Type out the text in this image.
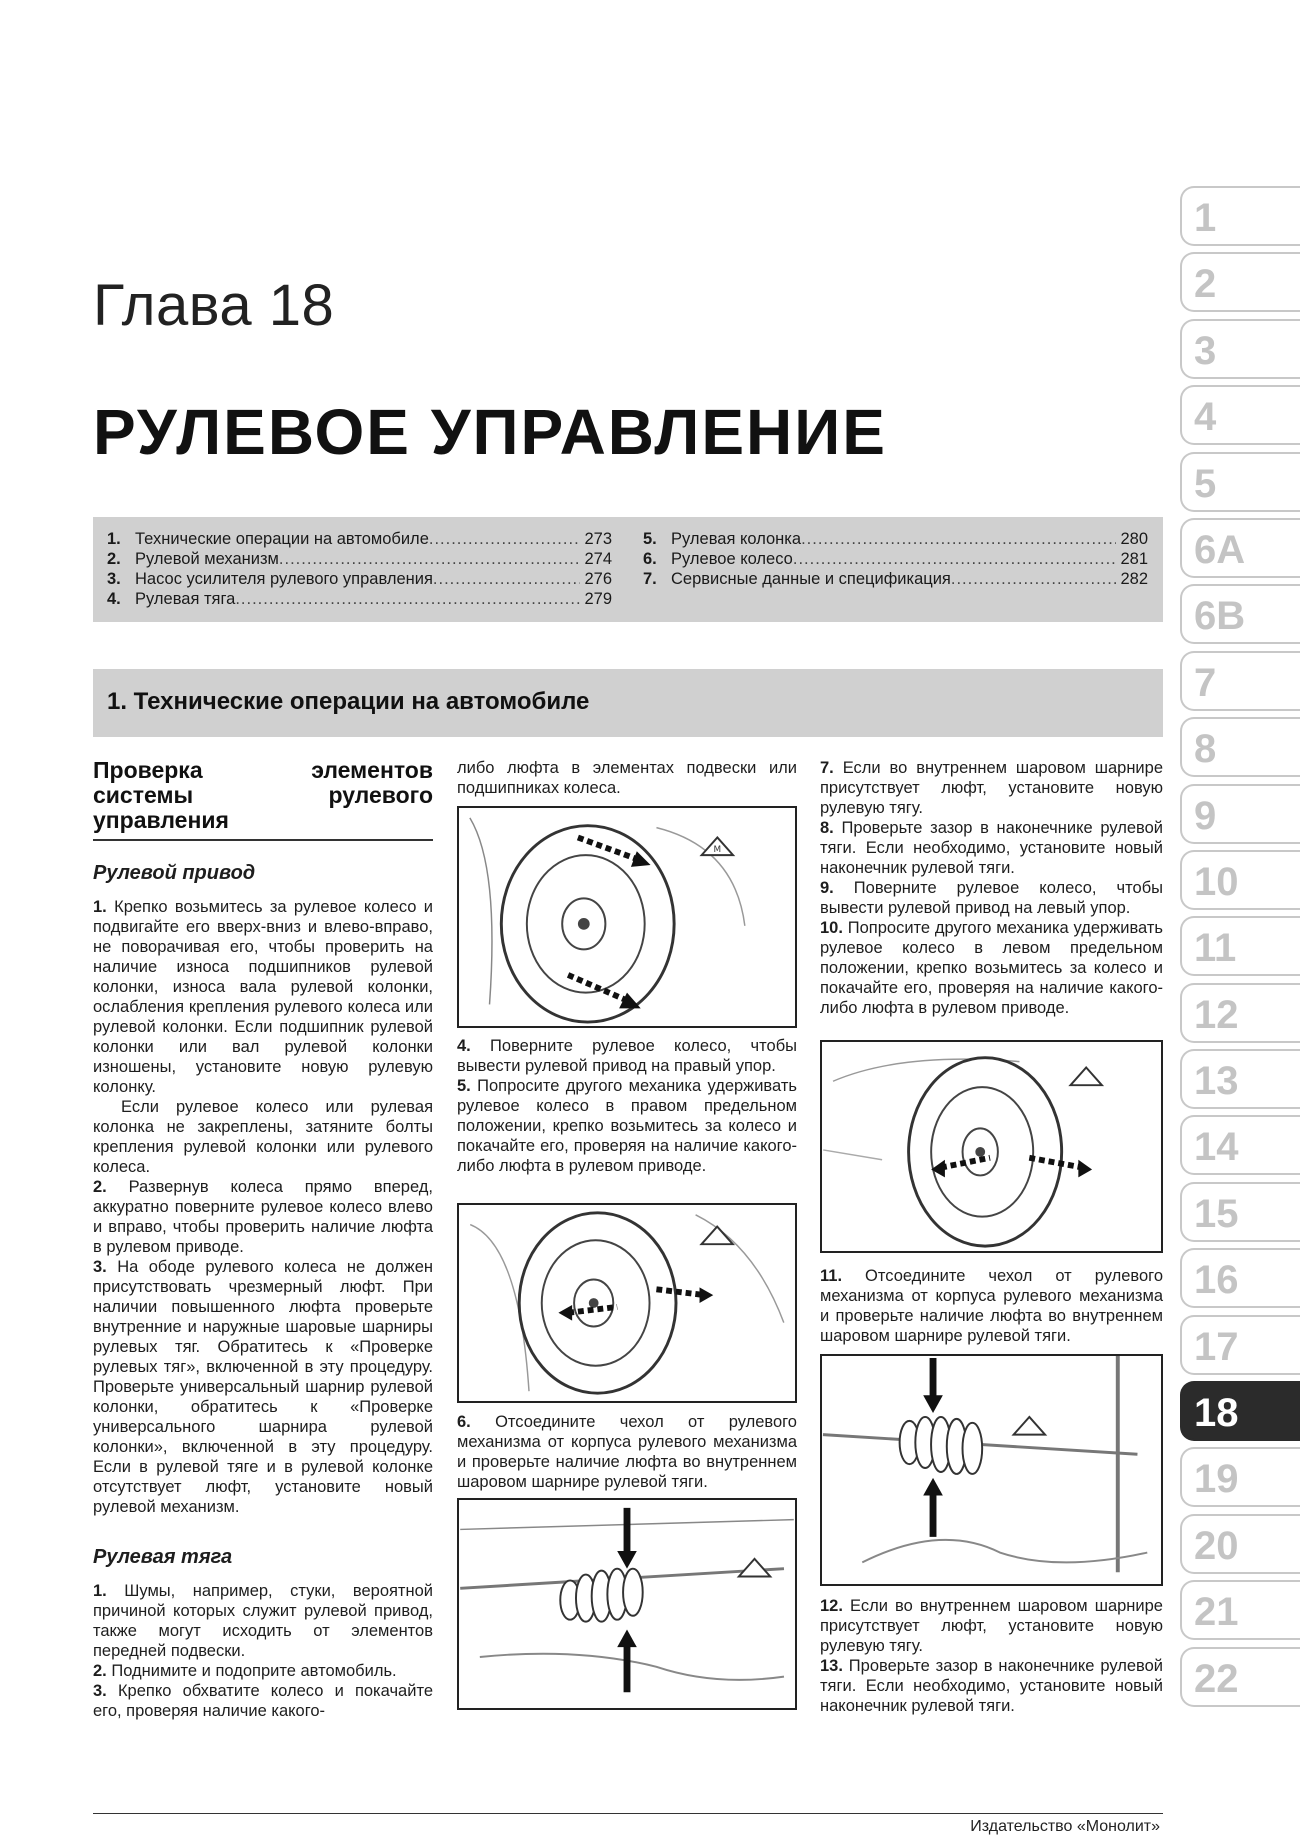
Глава 18
РУЛЕВОЕ УПРАВЛЕНИЕ
1. Технические операции на автомобиле .....	273
2. Рулевой механизм .....	274
3. Насос усилителя рулевого управления .....	276
4. Рулевая тяга .....	279
5. Рулевая колонка .....	280
6. Рулевое колесо .....	281
7. Сервисные данные и спецификация .....	282
1. Технические операции на автомобиле
1
2
3
4
5
6A
6B
7
8
9
10
11
12
13
14
15
16
17
18
19
20
21
22
Проверка элементов системы рулевого управления
Рулевой привод

1. Крепко возьмитесь за рулевое колесо и подвигайте его вверх-вниз и влево-вправо, не поворачивая его, чтобы проверить на наличие износа подшипников рулевой колонки, износа вала рулевой колонки, ослабления крепления рулевого колеса или рулевой колонки. Если подшипник рулевой колонки или вал рулевой колонки изношены, установите новую рулевую колонку.

Если рулевое колесо или рулевая колонка не закреплены, затяните болты крепления рулевой колонки или рулевого колеса.

2. Развернув колеса прямо вперед, аккуратно поверните рулевое колесо влево и вправо, чтобы проверить наличие люфта в рулевом приводе.

3. На ободе рулевого колеса не должен присутствовать чрезмерный люфт. При наличии повышенного люфта проверьте внутренние и наружные шаровые шарниры рулевых тяг. Обратитесь к «Проверке рулевых тяг», включенной в эту процедуру. Проверьте универсальный шарнир рулевой колонки, обратитесь к «Проверке универсального шарнира рулевой колонки», включенной в эту процедуру. Если в рулевой тяге и в рулевой колонке отсутствует люфт, установите новый рулевой механизм.

Рулевая тяга

1. Шумы, например, стуки, вероятной причиной которых служит рулевой привод, также могут исходить от элементов передней подвески.

2. Поднимите и подоприте автомобиль.

3. Крепко обхватите колесо и покачайте его, проверяя наличие какого-

либо люфта в элементах подвески или подшипниках колеса.

4. Поверните рулевое колесо, чтобы вывести рулевой привод на правый упор.

5. Попросите другого механика удерживать рулевое колесо в правом предельном положении, крепко возьмитесь за колесо и покачайте его, проверяя на наличие какого-либо люфта в рулевом приводе.

6. Отсоедините чехол от рулевого механизма от корпуса рулевого механизма и проверьте наличие люфта во внутреннем шаровом шарнире рулевой тяги.

7. Если во внутреннем шаровом шарнире присутствует люфт, установите новую рулевую тягу.

8. Проверьте зазор в наконечнике рулевой тяги. Если необходимо, установите новый наконечник рулевой тяги.

9. Поверните рулевое колесо, чтобы вывести рулевой привод на левый упор.

10. Попросите другого механика удерживать рулевое колесо в левом предельном положении, крепко возьмитесь за колесо и покачайте его, проверяя на наличие какого-либо люфта в рулевом приводе.

11. Отсоедините чехол от рулевого механизма от корпуса рулевого механизма и проверьте наличие люфта во внутреннем шаровом шарнире рулевой тяги.

12. Если во внутреннем шаровом шарнире присутствует люфт, установите новую рулевую тягу.

13. Проверьте зазор в наконечнике рулевой тяги. Если необходимо, установите новый наконечник рулевой тяги.

M
Издательство «Монолит»
